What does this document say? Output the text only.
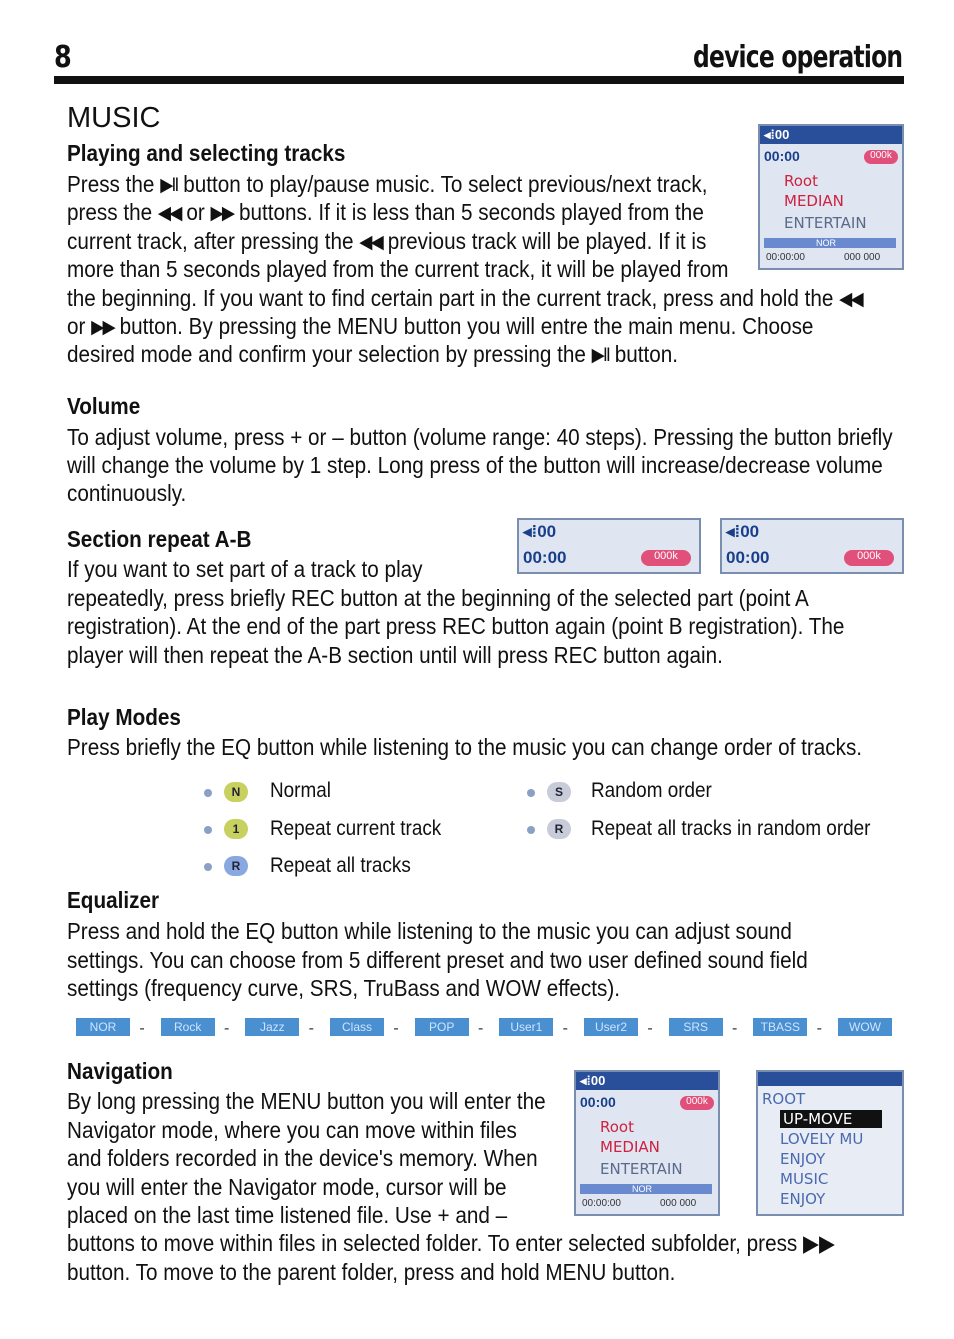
8	device operation
MUSIC
Playing and selecting tracks
Press the ▶II button to play/pause music. To select previous/next track,
press the ◀◀ or ▶▶ buttons. If it is less than 5 seconds played from the
current track, after pressing the ◀◀ previous track will be played. If it is
more than 5 seconds played from the current track, it will be played from
the beginning. If you want to find certain part in the current track, press and hold the ◀◀
or ▶▶ button. By pressing the MENU button you will entre the main menu. Choose
desired mode and confirm your selection by pressing the ▶II button.
◂⁞00
00:00	000k
Root
MEDIAN
ENTERTAIN
NOR
00:00:00	000 000
Volume
To adjust volume, press + or – button (volume range: 40 steps). Pressing the button briefly
will change the volume by 1 step. Long press of the button will increase/decrease volume
continuously.
Section repeat A-B
If you want to set part of a track to play
repeatedly, press briefly REC button at the beginning of the selected part (point A
registration). At the end of the part press REC button again (point B registration). The
player will then repeat the A-B section until will press REC button again.
◂⁞00
00:00	000k
◂⁞00
00:00	000k
Play Modes
Press briefly the EQ button while listening to the music you can change order of tracks.
N	Normal
1	Repeat current track
R	Repeat all tracks
S	Random order
R	Repeat all tracks in random order
Equalizer
Press and hold the EQ button while listening to the music you can adjust sound
settings. You can choose from 5 different preset and two user defined sound field
settings (frequency curve, SRS, TruBass and WOW effects).
NOR	-	Rock	-	Jazz	-	Class	-	POP	-	User1	-	User2	-	SRS	-	TBASS	-	WOW
Navigation
By long pressing the MENU button you will enter the
Navigator mode, where you can move within files
and folders recorded in the device's memory. When
you will enter the Navigator mode, cursor will be
placed on the last time listened file. Use + and –
buttons to move within files in selected folder. To enter selected subfolder, press ▶▶
button. To move to the parent folder, press and hold MENU button.
◂⁞00
00:00	000k
Root
MEDIAN
ENTERTAIN
NOR
00:00:00	000 000
ROOT
UP-MOVE
LOVELY MU
ENJOY
MUSIC
ENJOY
